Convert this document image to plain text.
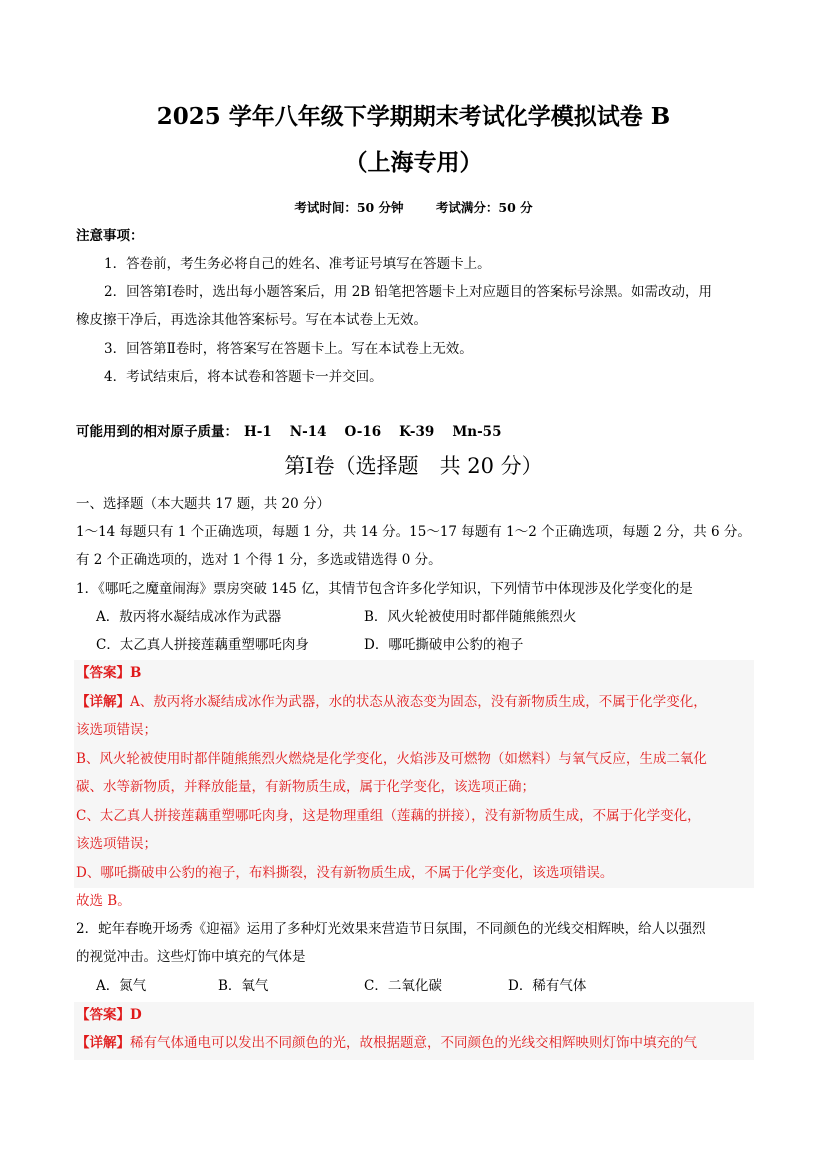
2025 学年八年级下学期期末考试化学模拟试卷 B
（上海专用）
考试时间：50 分钟	考试满分：50 分
注意事项：
1．答卷前，考生务必将自己的姓名、准考证号填写在答题卡上。
2．回答第Ⅰ卷时，选出每小题答案后，用 2B 铅笔把答题卡上对应题目的答案标号涂黑。如需改动，用
橡皮擦干净后，再选涂其他答案标号。写在本试卷上无效。
3．回答第Ⅱ卷时，将答案写在答题卡上。写在本试卷上无效。
4．考试结束后，将本试卷和答题卡一并交回。
可能用到的相对原子质量： H-1 N-14 O-16 K-39 Mn-55
第Ⅰ卷（选择题　共 20 分）
一、选择题（本大题共 17 题，共 20 分）
1～14 每题只有 1 个正确选项，每题 1 分，共 14 分。15～17 每题有 1～2 个正确选项，每题 2 分，共 6 分。
有 2 个正确选项的，选对 1 个得 1 分，多选或错选得 0 分。
1．《哪吒之魔童闹海》票房突破 145 亿，其情节包含许多化学知识，下列情节中体现涉及化学变化的是
A．敖丙将水凝结成冰作为武器	B．风火轮被使用时都伴随熊熊烈火
C．太乙真人拼接莲藕重塑哪吒肉身	D．哪吒撕破申公豹的袍子
【答案】B
【详解】A、敖丙将水凝结成冰作为武器，水的状态从液态变为固态，没有新物质生成，不属于化学变化，
该选项错误；
B、风火轮被使用时都伴随熊熊烈火燃烧是化学变化，火焰涉及可燃物（如燃料）与氧气反应，生成二氧化
碳、水等新物质，并释放能量，有新物质生成，属于化学变化，该选项正确；
C、太乙真人拼接莲藕重塑哪吒肉身，这是物理重组（莲藕的拼接），没有新物质生成，不属于化学变化，
该选项错误；
D、哪吒撕破申公豹的袍子，布料撕裂，没有新物质生成，不属于化学变化，该选项错误。
故选 B。
2．蛇年春晚开场秀《迎福》运用了多种灯光效果来营造节日氛围，不同颜色的光线交相辉映，给人以强烈
的视觉冲击。这些灯饰中填充的气体是
A．氮气	B．氧气	C．二氧化碳	D．稀有气体
【答案】D
【详解】稀有气体通电可以发出不同颜色的光，故根据题意，不同颜色的光线交相辉映则灯饰中填充的气
